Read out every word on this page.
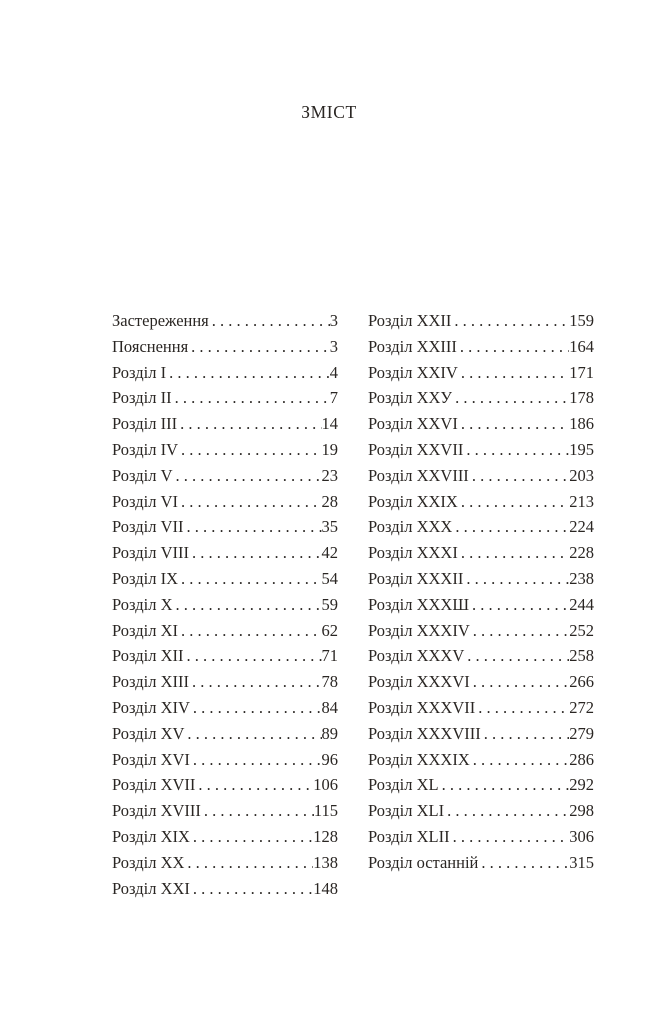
ЗМІСТ
Застереження . . .	3
Пояснення . . .	3
Розділ I . . .	4
Розділ II . . .	7
Розділ III . . .	14
Розділ IV . . .	19
Розділ V . . .	23
Розділ VI . . .	28
Розділ VII . . .	35
Розділ VIII . . .	42
Розділ IX . . .	54
Розділ X . . .	59
Розділ XI . . .	62
Розділ XII . . .	71
Розділ XIII . . .	78
Розділ XIV . . .	84
Розділ XV . . .	89
Розділ XVI . . .	96
Розділ XVII . . .	106
Розділ XVIII . . .	115
Розділ XIX . . .	128
Розділ XX . . .	138
Розділ XXI . . .	148
Розділ XXII . . .	159
Розділ XXIII . . .	164
Розділ XXIV . . .	171
Розділ XXУ . . .	178
Розділ XXVI . . .	186
Розділ XXVII . . .	195
Розділ XXVIII . . .	203
Розділ XXIX . . .	213
Розділ XXX . . .	224
Розділ XXXI . . .	228
Розділ XXXII . . .	238
Розділ XXXШ . . .	244
Розділ XXXIV . . .	252
Розділ XXXV . . .	258
Розділ XXXVI . . .	266
Розділ XXXVII . . .	272
Розділ XXXVIII . . .	279
Розділ XXXIX . . .	286
Розділ XL . . .	292
Розділ XLI . . .	298
Розділ XLII . . .	306
Розділ останній . . .	315
